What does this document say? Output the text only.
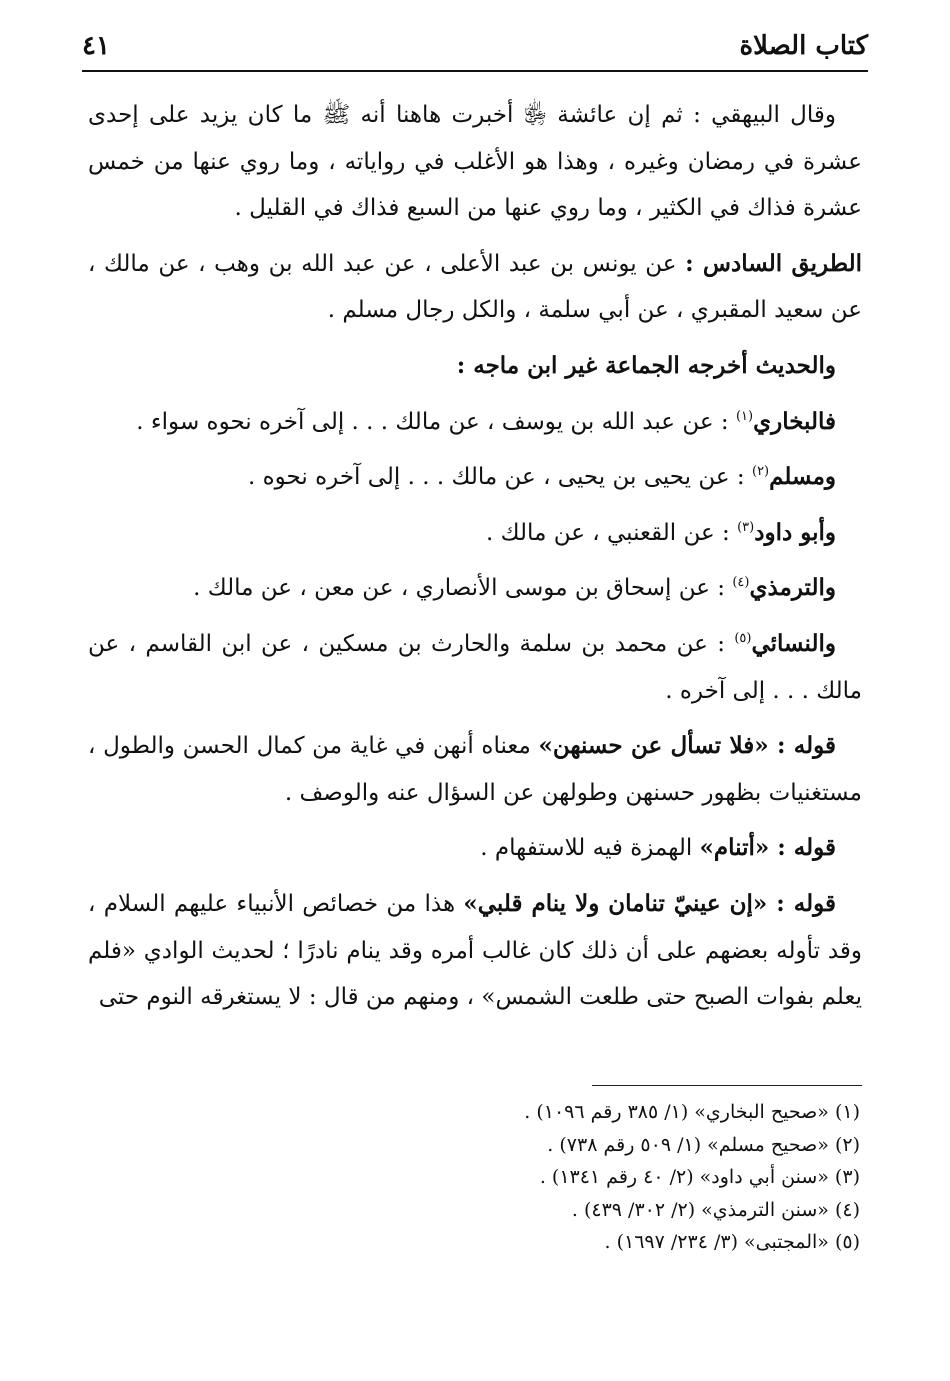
كتاب الصلاة
٤١

وقال البيهقي : ثم إن عائشة ﵂ أخبرت هاهنا أنه ﷺ ما كان يزيد على إحدى عشرة في رمضان وغيره ، وهذا هو الأغلب في رواياته ، وما روي عنها من خمس عشرة فذاك في الكثير ، وما روي عنها من السبع فذاك في القليل .

الطريق السادس : عن يونس بن عبد الأعلى ، عن عبد الله بن وهب ، عن مالك ، عن سعيد المقبري ، عن أبي سلمة ، والكل رجال مسلم .

والحديث أخرجه الجماعة غير ابن ماجه :

فالبخاري$^{(١)}$ : عن عبد الله بن يوسف ، عن مالك . . . إلى آخره نحوه سواء .

ومسلم$^{(٢)}$ : عن يحيى بن يحيى ، عن مالك . . . إلى آخره نحوه .

وأبو داود$^{(٣)}$ : عن القعنبي ، عن مالك .

والترمذي$^{(٤)}$ : عن إسحاق بن موسى الأنصاري ، عن معن ، عن مالك .

والنسائي$^{(٥)}$ : عن محمد بن سلمة والحارث بن مسكين ، عن ابن القاسم ، عن مالك . . . إلى آخره .

قوله : «فلا تسأل عن حسنهن» معناه أنهن في غاية من كمال الحسن والطول ، مستغنيات بظهور حسنهن وطولهن عن السؤال عنه والوصف .

قوله : «أتنام» الهمزة فيه للاستفهام .

قوله : «إن عينيّ تنامان ولا ينام قلبي» هذا من خصائص الأنبياء عليهم السلام ، وقد تأوله بعضهم على أن ذلك كان غالب أمره وقد ينام نادرًا ؛ لحديث الوادي «فلم يعلم بفوات الصبح حتى طلعت الشمس» ، ومنهم من قال : لا يستغرقه النوم حتى

(١) «صحيح البخاري» (١/ ٣٨٥ رقم ١٠٩٦) .
(٢) «صحيح مسلم» (١/ ٥٠٩ رقم ٧٣٨) .
(٣) «سنن أبي داود» (٢/ ٤٠ رقم ١٣٤١) .
(٤) «سنن الترمذي» (٢/ ٣٠٢/ ٤٣٩) .
(٥) «المجتبى» (٣/ ٢٣٤/ ١٦٩٧) .
